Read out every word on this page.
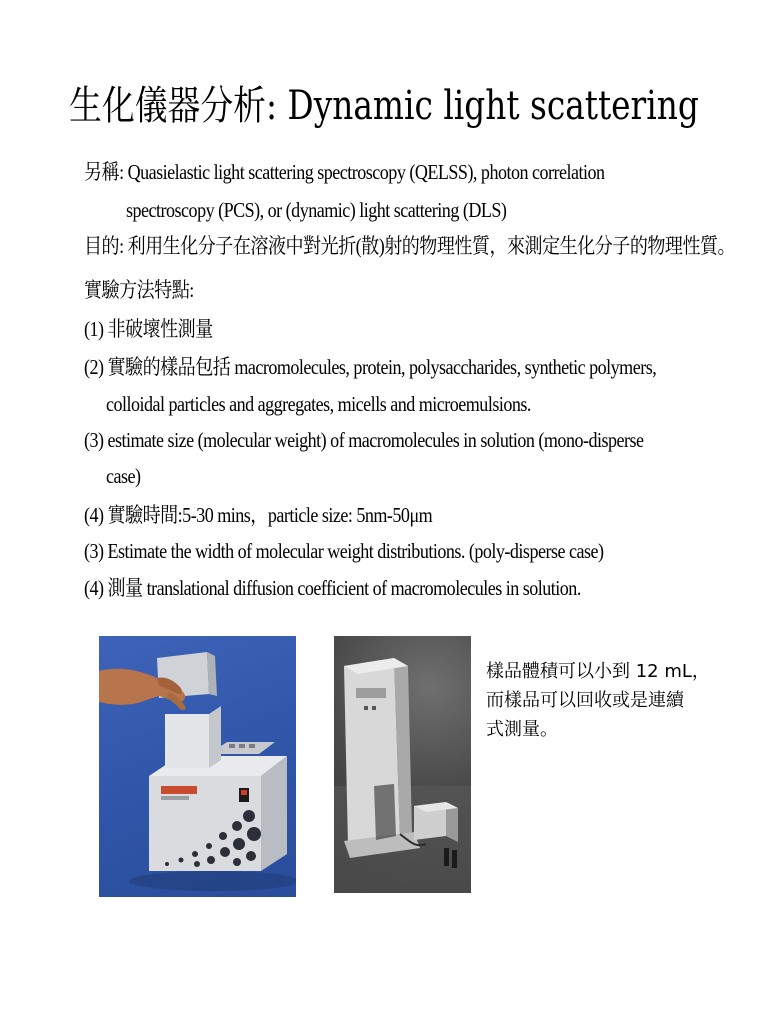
生化儀器分析: Dynamic light scattering
另稱: Quasielastic light scattering spectroscopy (QELSS), photon correlation
spectroscopy (PCS), or (dynamic) light scattering (DLS)
目的: 利用生化分子在溶液中對光折(散)射的物理性質，來測定生化分子的物理性質。
實驗方法特點:
(1) 非破壞性測量
(2) 實驗的樣品包括 macromolecules, protein, polysaccharides, synthetic polymers,
colloidal particles and aggregates, micells and microemulsions.
(3) estimate size (molecular weight) of macromolecules in solution (mono-disperse
case)
(4) 實驗時間:5-30 mins，particle size: 5nm-50μm
(3) Estimate the width of molecular weight distributions. (poly-disperse case)
(4) 測量 translational diffusion coefficient of macromolecules in solution.
樣品體積可以小到 12 mL，
而樣品可以回收或是連續
式測量。
